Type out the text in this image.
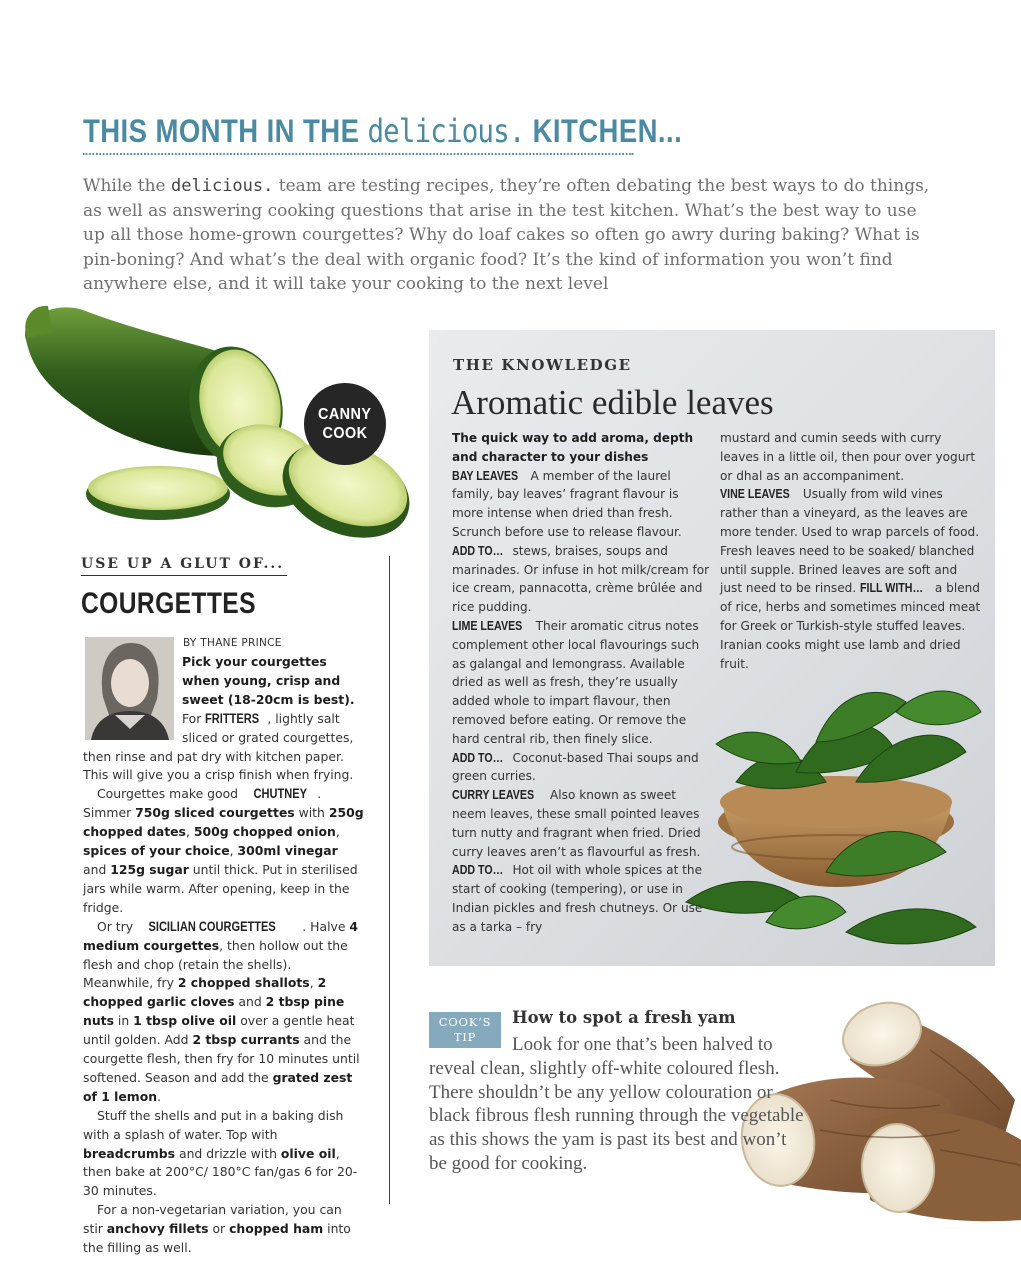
THIS MONTH IN THE delicious. KITCHEN...

While the delicious. team are testing recipes, they’re often debating the best ways to do things, as well as answering cooking questions that arise in the test kitchen. What’s the best way to use up all those home-grown courgettes? Why do loaf cakes so often go awry during baking? What is pin-boning? And what’s the deal with organic food? It’s the kind of information you won’t find anywhere else, and it will take your cooking to the next level

CANNY
COOK
USE UP A GLUT OF...
COURGETTES
BY THANE PRINCE

Pick your courgettes when young, crisp and sweet (18-20cm is best).

For FRITTERS , lightly salt sliced or grated courgettes, then rinse and pat dry with kitchen paper. This will give you a crisp finish when frying.

Courgettes make good CHUTNEY . Simmer 750g sliced courgettes with 250g chopped dates, 500g chopped onion, spices of your choice, 300ml vinegar and 125g sugar until thick. Put in sterilised jars while warm. After opening, keep in the fridge.

Or try SICILIAN COURGETTES . Halve 4 medium courgettes, then hollow out the flesh and chop (retain the shells). Meanwhile, fry 2 chopped shallots, 2 chopped garlic cloves and 2 tbsp pine nuts in 1 tbsp olive oil over a gentle heat until golden. Add 2 tbsp currants and the courgette flesh, then fry for 10 minutes until softened. Season and add the grated zest of 1 lemon.

Stuff the shells and put in a baking dish with a splash of water. Top with breadcrumbs and drizzle with olive oil, then bake at 200°C/ 180°C fan/gas 6 for 20-30 minutes.

For a non-vegetarian variation, you can stir anchovy fillets or chopped ham into the filling as well.

THE KNOWLEDGE
Aromatic edible leaves

The quick way to add aroma, depth and character to your dishes

BAY LEAVES A member of the laurel family, bay leaves’ fragrant flavour is more intense when dried than fresh. Scrunch before use to release flavour. ADD TO… stews, braises, soups and marinades. Or infuse in hot milk/cream for ice cream, pannacotta, crème brûlée and rice pudding.

LIME LEAVES Their aromatic citrus notes complement other local flavourings such as galangal and lemongrass. Available dried as well as fresh, they’re usually added whole to impart flavour, then removed before eating. Or remove the hard central rib, then finely slice. ADD TO… Coconut-based Thai soups and green curries.

CURRY LEAVES Also known as sweet neem leaves, these small pointed leaves turn nutty and fragrant when fried. Dried curry leaves aren’t as flavourful as fresh. ADD TO… Hot oil with whole spices at the start of cooking (tempering), or use in Indian pickles and fresh chutneys. Or use as a tarka – fry

mustard and cumin seeds with curry leaves in a little oil, then pour over yogurt or dhal as an accompaniment.

VINE LEAVES Usually from wild vines rather than a vineyard, as the leaves are more tender. Used to wrap parcels of food. Fresh leaves need to be soaked/ blanched until supple. Brined leaves are soft and just need to be rinsed. FILL WITH… a blend of rice, herbs and sometimes minced meat for Greek or Turkish-style stuffed leaves. Iranian cooks might use lamb and dried fruit.

COOK’S
TIP
How to spot a fresh yam
Look for one that’s been halved to reveal clean, slightly off-white coloured flesh. There shouldn’t be any yellow colouration or black fibrous flesh running through the vegetable as this shows the yam is past its best and won’t be good for cooking.
